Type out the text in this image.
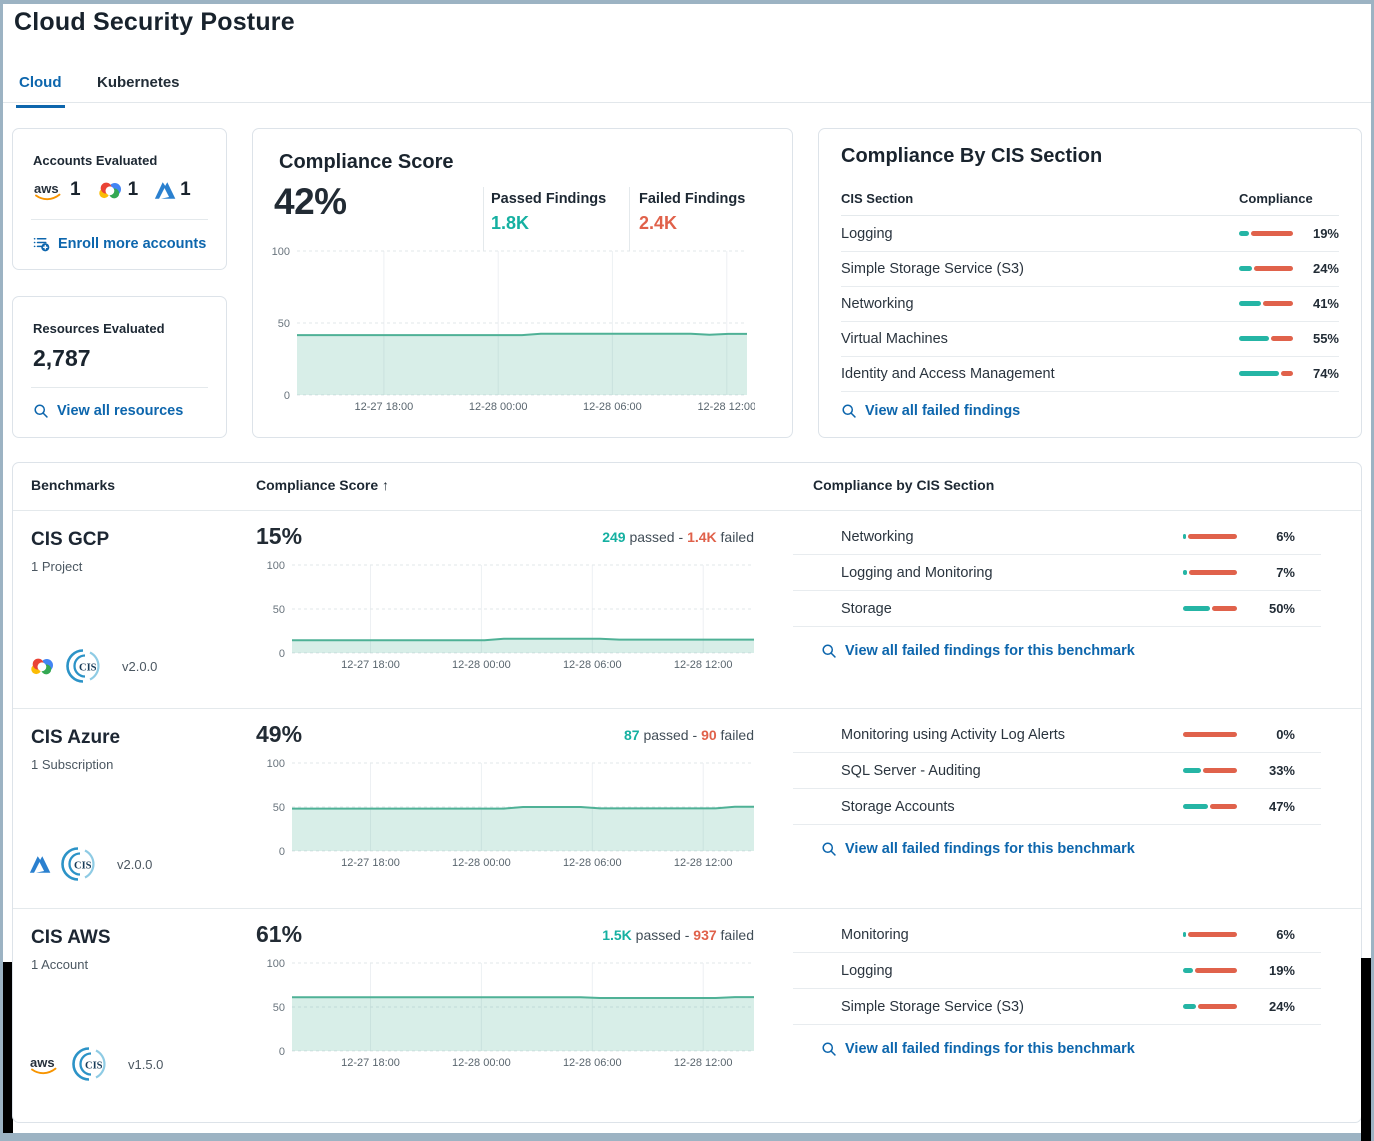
Cloud Security Posture
Cloud Kubernetes
Accounts Evaluated
aws 1 1 1
Enroll more accounts
Resources Evaluated
2,787
View all resources
Compliance Score
42%	Passed Findings
1.8K
Failed Findings
2.4K
12-27 18:00	12-28 00:00	12-28 06:00	12-28 12:00
0
50
100
Compliance By CIS Section
CIS Section	Compliance
Logging	19%
Simple Storage Service (S3)	24%
Networking	41%
Virtual Machines	55%
Identity and Access Management	74%
View all failed findings
Benchmarks	Compliance Score ↑	Compliance by CIS Section
CIS GCP
1 Project
CIS v2.0.0
15%	249 passed - 1.4K failed
12-27 18:00	12-28 00:00	12-28 06:00	12-28 12:00
0
50
100
Networking	6%
Logging and Monitoring	7%
Storage	50%
View all failed findings for this benchmark
CIS Azure
1 Subscription
CIS v2.0.0
49%	87 passed - 90 failed
12-27 18:00	12-28 00:00	12-28 06:00	12-28 12:00
0
50
100
Monitoring using Activity Log Alerts	0%
SQL Server - Auditing	33%
Storage Accounts	47%
View all failed findings for this benchmark
CIS AWS
1 Account
aws	CIS v1.5.0
61%	1.5K passed - 937 failed
12-27 18:00	12-28 00:00	12-28 06:00	12-28 12:00
0
50
100
Monitoring	6%
Logging	19%
Simple Storage Service (S3)	24%
View all failed findings for this benchmark
